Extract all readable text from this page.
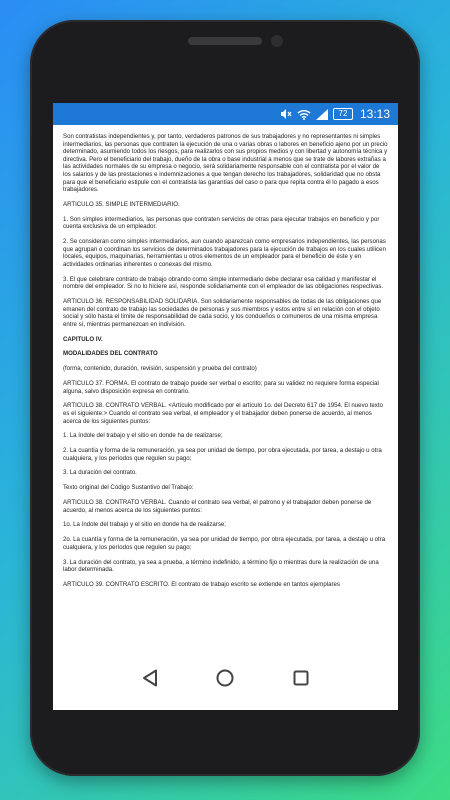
72	13:13

Son contratistas independientes y, por tanto, verdaderos patronos de sus trabajadores y no representantes ni simples intermediarios, las personas que contraten la ejecución de una o varias obras o labores en beneficio ajeno por un precio determinado, asumiendo todos los riesgos, para realizarlos con sus propios medios y con libertad y autonomía técnica y directiva. Pero el beneficiario del trabajo, dueño de la obra o base industrial a menos que se trate de labores extrañas a las actividades normales de su empresa o negocio, será solidariamente responsable con el contratista por el valor de los salarios y de las prestaciones e indemnizaciones a que tengan derecho los trabajadores, solidaridad que no obsta para que el beneficiario estipule con el contratista las garantías del caso o para que repita contra él lo pagado a esos trabajadores.

ARTICULO 35. SIMPLE INTERMEDIARIO.

1. Son simples intermediarios, las personas que contraten servicios de otras para ejecutar trabajos en beneficio y por cuenta exclusiva de un empleador.

2. Se consideran como simples intermediarios, aun cuando aparezcan como empresarios independientes, las personas que agrupan o coordinan los servicios de determinados trabajadores para la ejecución de trabajos en los cuales utilicen locales, equipos, maquinarias, herramientas u otros elementos de un empleador para el beneficio de éste y en actividades ordinarias inherentes o conexas del mismo.

3. El que celebrare contrato de trabajo obrando como simple intermediario debe declarar esa calidad y manifestar el nombre del empleador. Si no lo hiciere así, responde solidariamente con el empleador de las obligaciones respectivas.

ARTICULO 36. RESPONSABILIDAD SOLIDARIA. Son solidariamente responsables de todas de las obligaciones que emanen del contrato de trabajo las sociedades de personas y sus miembros y estos entre sí en relación con el objeto social y sólo hasta el límite de responsabilidad de cada socio, y los condueños o comuneros de una misma empresa entre sí, mientras permanezcan en indivisión.

CAPITULO IV.

MODALIDADES DEL CONTRATO

(forma, contenido, duración, revisión, suspensión y prueba del contrato)

ARTICULO 37. FORMA. El contrato de trabajo puede ser verbal o escrito; para su validez no requiere forma especial alguna, salvo disposición expresa en contrario.

ARTICULO 38. CONTRATO VERBAL. <Artículo modificado por el artículo 1o. del Decreto 617 de 1954. El nuevo texto es el siguiente:> Cuando el contrato sea verbal, el empleador y el trabajador deben ponerse de acuerdo, al menos acerca de los siguientes puntos:

1. La índole del trabajo y el sitio en donde ha de realizarse;

2. La cuantía y forma de la remuneración, ya sea por unidad de tiempo, por obra ejecutada, por tarea, a destajo u otra cualquiera, y los períodos que regulen su pago;

3. La duración del contrato.

Texto original del Código Sustantivo del Trabajo:

ARTICULO 38. CONTRATO VERBAL. Cuando el contrato sea verbal, el patrono y el trabajador deben ponerse de acuerdo, al menos acerca de los siguientes puntos:

1o. La índole del trabajo y el sitio en donde ha de realizarse;

2o. La cuantía y forma de la remuneración, ya sea por unidad de tiempo, por obra ejecutada, por tarea, a destajo u otra cualquiera, y los períodos que regulen su pago;

3. La duración del contrato, ya sea a prueba, a término indefinido, a término fijo o mientras dure la realización de una labor determinada.

ARTICULO 39. CONTRATO ESCRITO. El contrato de trabajo escrito se extiende en tantos ejemplares
